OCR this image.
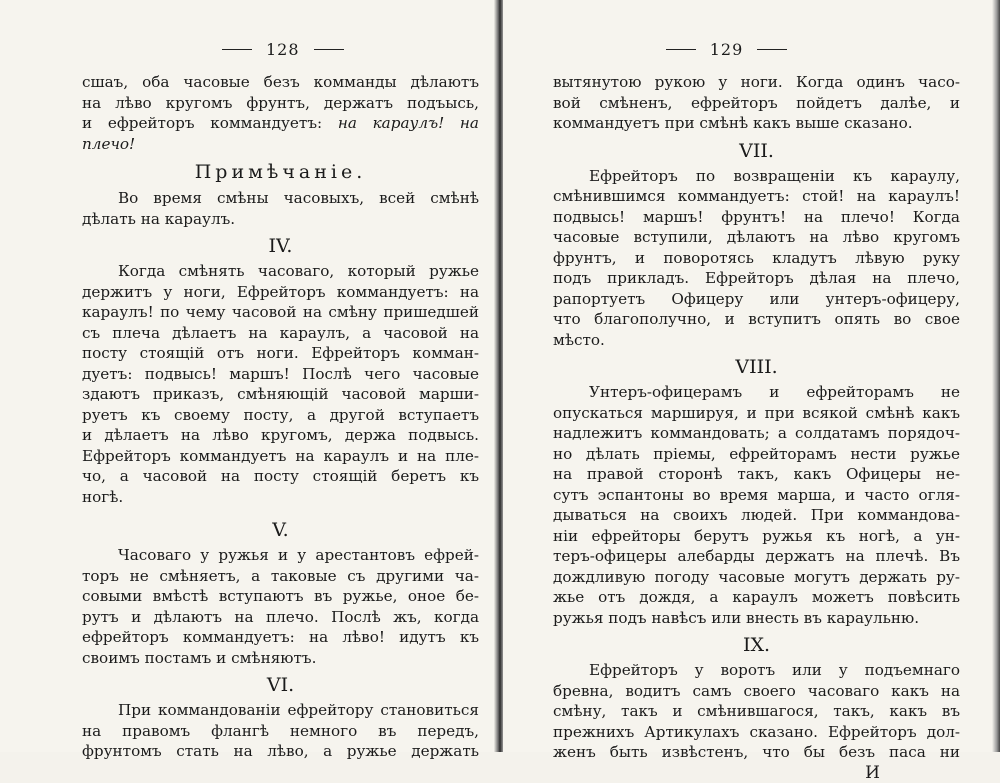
128
сшаъ, оба часовые безъ комманды дѣлаютъ
на лѣво кругомъ фрунтъ, держатъ подъысь,
и ефрейторъ коммандуетъ: на караулъ! на
плечо!
Примѣчаніе.
Во время смѣны часовыхъ, всей смѣнѣ
дѣлать на караулъ.
IV.
Когда смѣнять часоваго, который ружье
держитъ у ноги, Ефрейторъ коммандуетъ: на
караулъ! по чему часовой на смѣну пришедшей
съ плеча дѣлаетъ на караулъ, а часовой на
посту стоящій отъ ноги. Ефрейторъ комман-
дуетъ: подвысь! маршъ! Послѣ чего часовые
здаютъ приказъ, смѣняющій часовой марши-
руетъ къ своему посту, а другой вступаетъ
и дѣлаетъ на лѣво кругомъ, держа подвысь.
Ефрейторъ коммандуетъ на караулъ и на пле-
чо, а часовой на посту стоящій беретъ къ
ногѣ.
V.
Часоваго у ружья и у арестантовъ ефрей-
торъ не смѣняетъ, а таковые съ другими ча-
совыми вмѣстѣ вступаютъ въ ружье, оное бе-
рутъ и дѣлаютъ на плечо. Послѣ жъ, когда
ефрейторъ коммандуетъ: на лѣво! идутъ къ
своимъ постамъ и смѣняютъ.
VI.
При коммандованіи ефрейтору становиться
на правомъ флангѣ немного въ передъ,
фрунтомъ стать на лѣво, а ружье держать
129
вытянутою рукою у ноги. Когда одинъ часо-
вой смѣненъ, ефрейторъ пойдетъ далѣе, и
коммандуетъ при смѣнѣ какъ выше сказано.
VII.
Ефрейторъ по возвращеніи къ караулу,
смѣнившимся коммандуетъ: стой! на караулъ!
подвысь! маршъ! фрунтъ! на плечо! Когда
часовые вступили, дѣлаютъ на лѣво кругомъ
фрунтъ, и поворотясь кладутъ лѣвую руку
подъ прикладъ. Ефрейторъ дѣлая на плечо,
рапортуетъ Офицеру или унтеръ-офицеру,
что благополучно, и вступитъ опять во свое
мѣсто.
VIII.
Унтеръ-офицерамъ и ефрейторамъ не
опускаться маршируя, и при всякой смѣнѣ какъ
надлежитъ коммандовать; а солдатамъ порядоч-
но дѣлать пріемы, ефрейторамъ нести ружье
на правой сторонѣ такъ, какъ Офицеры не-
сутъ эспантоны во время марша, и часто огля-
дываться на своихъ людей. При коммандова-
ніи ефрейторы берутъ ружья къ ногѣ, а ун-
теръ-офицеры алебарды держатъ на плечѣ. Въ
дождливую погоду часовые могутъ держать ру-
жье отъ дождя, а караулъ можетъ повѣсить
ружья подъ навѣсъ или внесть въ караульню.
IX.
Ефрейторъ у воротъ или у подъемнаго
бревна, водитъ самъ своего часоваго какъ на
смѣну, такъ и смѣнившагося, такъ, какъ въ
прежнихъ Артикулахъ сказано. Ефрейторъ дол-
женъ быть извѣстенъ, что бы безъ паса ни
И
